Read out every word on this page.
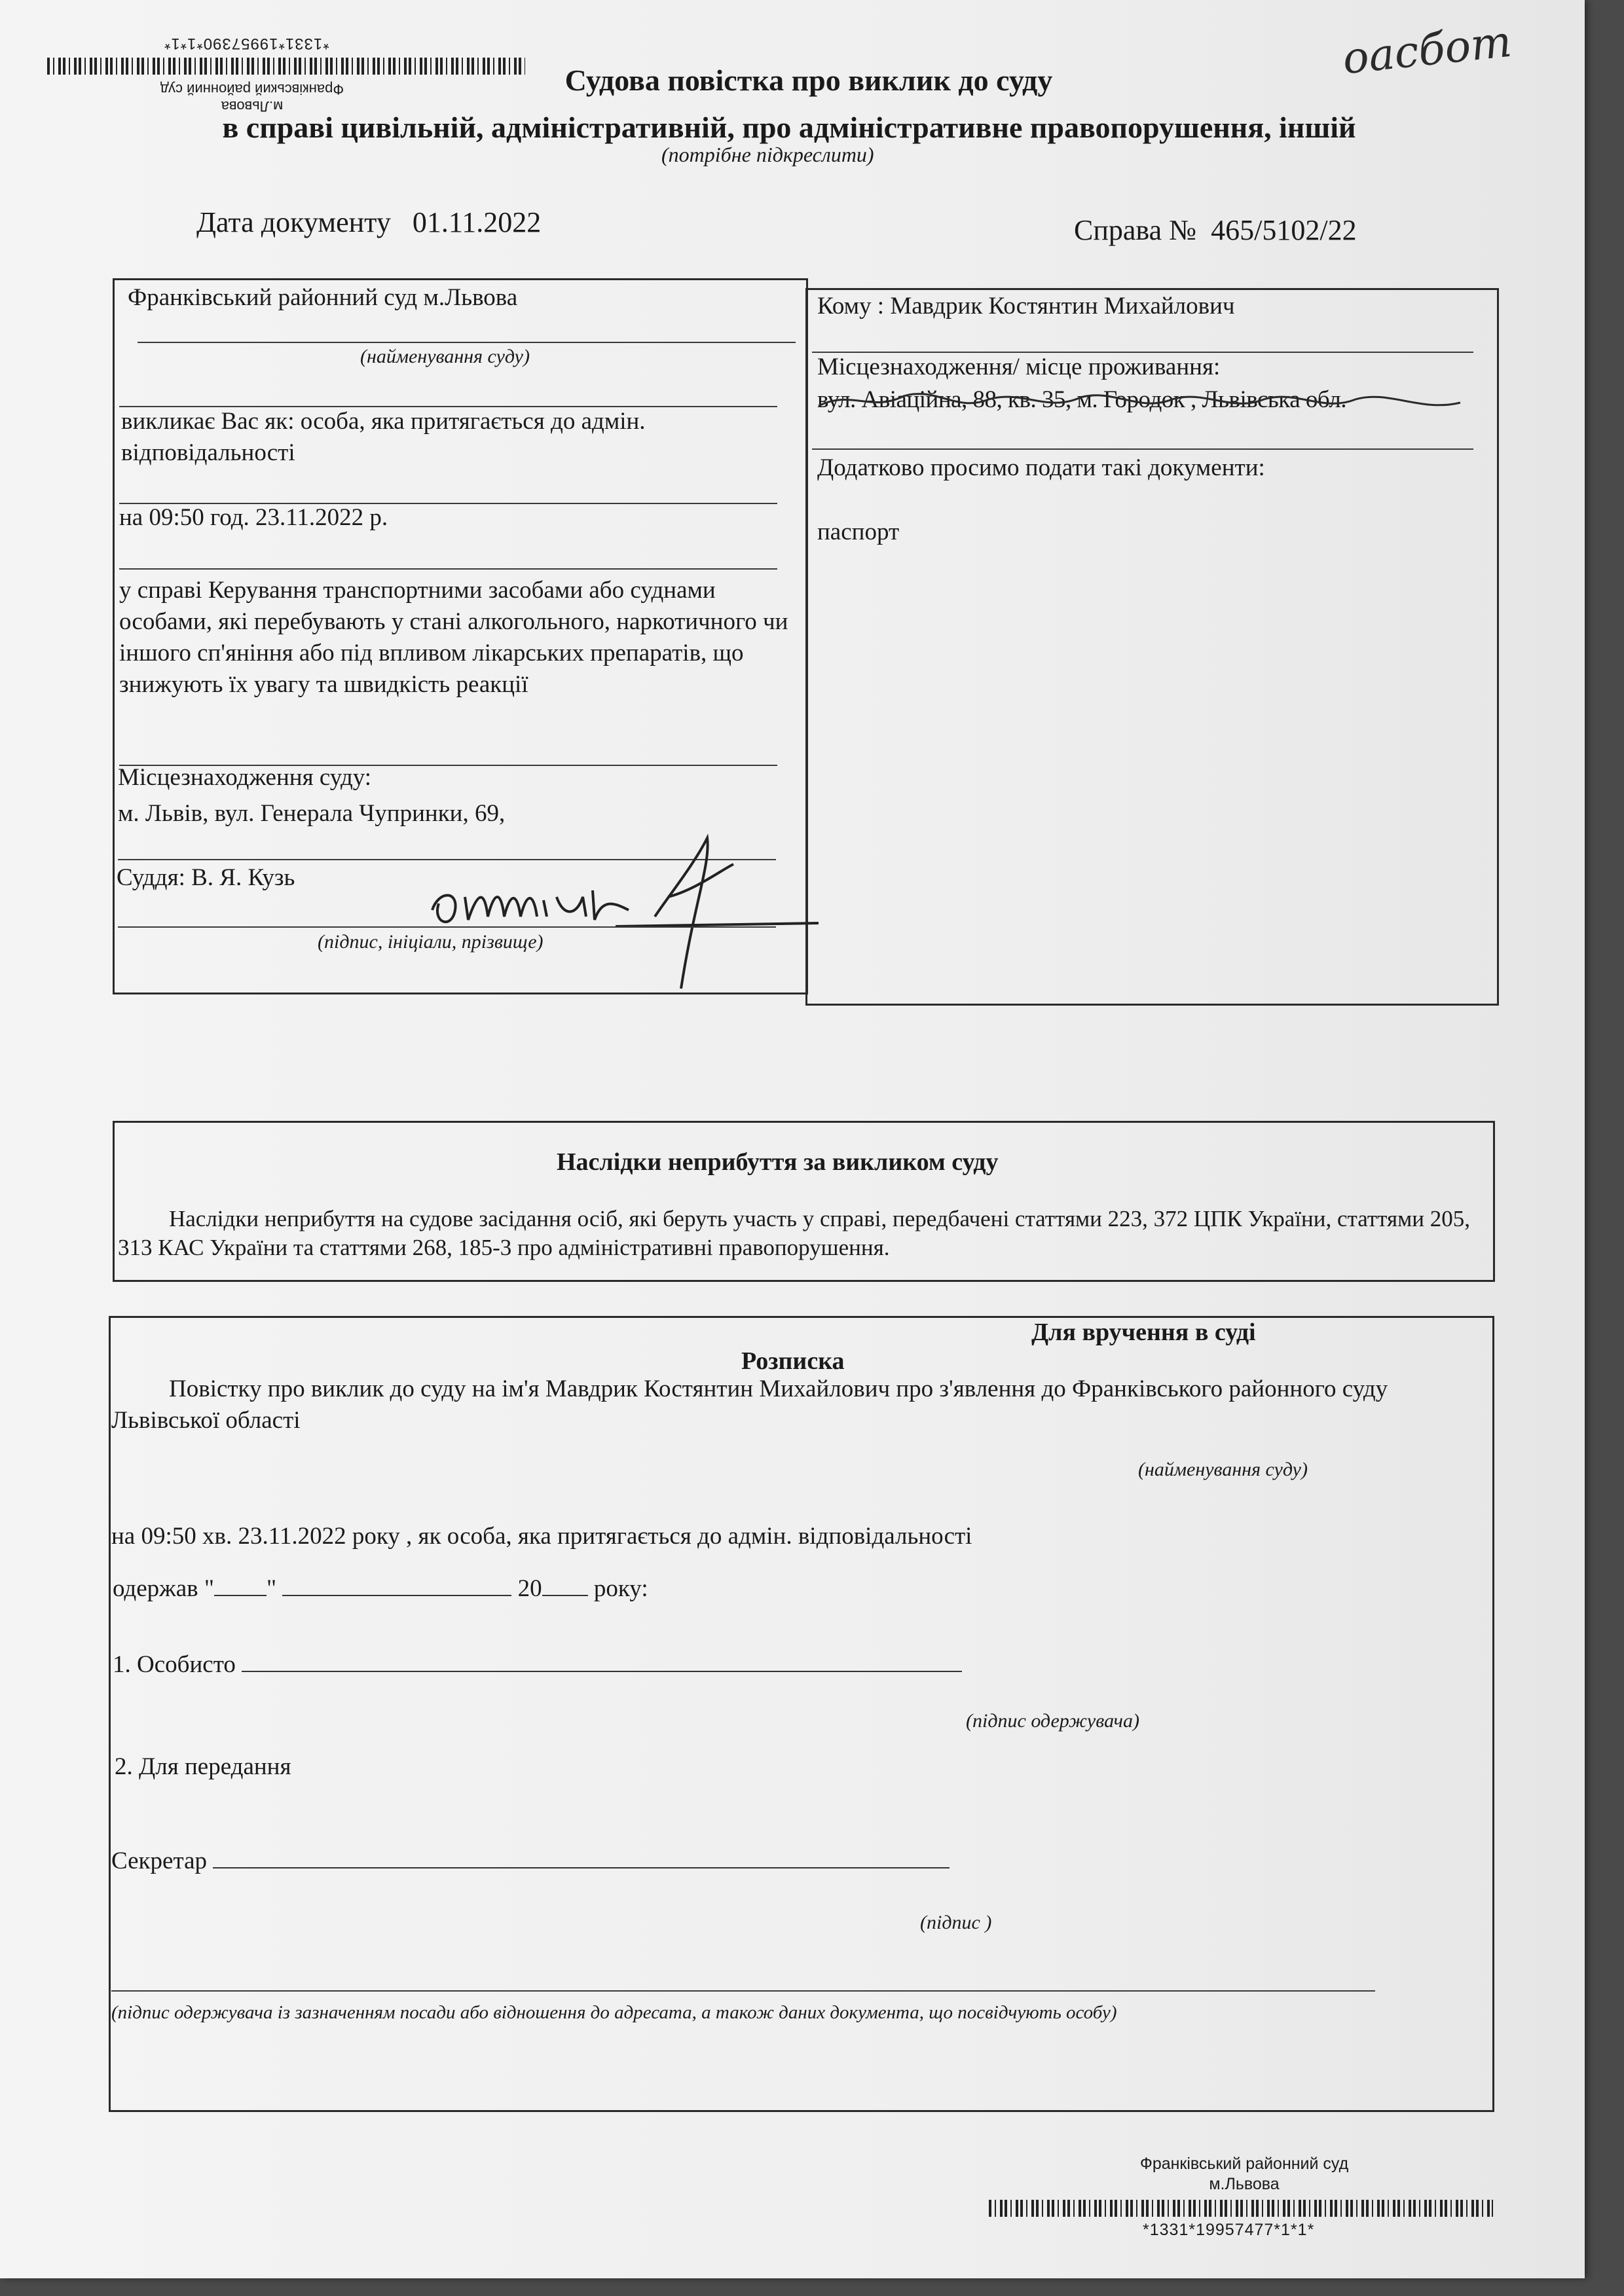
*1331*19957390*1*1*
м.Львова
Франківський районний суд
оасбот
Судова повістка про виклик до суду
в справі цивільній, адміністративній, про адміністративне правопорушення, іншій
(потрібне підкреслити)
Дата документу 01.11.2022	Справа № 465/5102/22
Франківський районний суд м.Львова
(найменування суду)
викликає Вас як: особа, яка притягається до адмін. відповідальності
на 09:50 год. 23.11.2022 р.
у справі Керування транспортними засобами або суднами особами, які перебувають у стані алкогольного, наркотичного чи іншого сп'яніння або під впливом лікарських препаратів, що знижують їх увагу та швидкість реакції
Місцезнаходження суду:
м. Львів, вул. Генерала Чупринки, 69,
Суддя: В. Я. Кузь
(підпис, ініціали, прізвище)
Кому : Мавдрик Костянтин Михайлович
Місцезнаходження/ місце проживання:
вул. Авіаційна, 88, кв. 35, м. Городок , Львівська обл.
Додатково просимо подати такі документи:
паспорт
Наслідки неприбуття за викликом суду
Наслідки неприбуття на судове засідання осіб, які беруть участь у справі, передбачені статтями 223, 372 ЦПК України, статтями 205, 313 КАС України та статтями 268, 185-3 про адміністративні правопорушення.
Для вручення в суді
Розписка
Повістку про виклик до суду на ім'я Мавдрик Костянтин Михайлович про з'явлення до Франківського районного суду Львівської області
(найменування суду)
на 09:50 хв. 23.11.2022 року , як особа, яка притягається до адмін. відповідальності
одержав " "	20 року:
1. Особисто
(підпис одержувача)
2. Для передання
Секретар
(підпис )
(підпис одержувача із зазначенням посади або відношення до адресата, а також даних документа, що посвідчують особу)
Франківський районний суд
м.Львова
*1331*19957477*1*1*
